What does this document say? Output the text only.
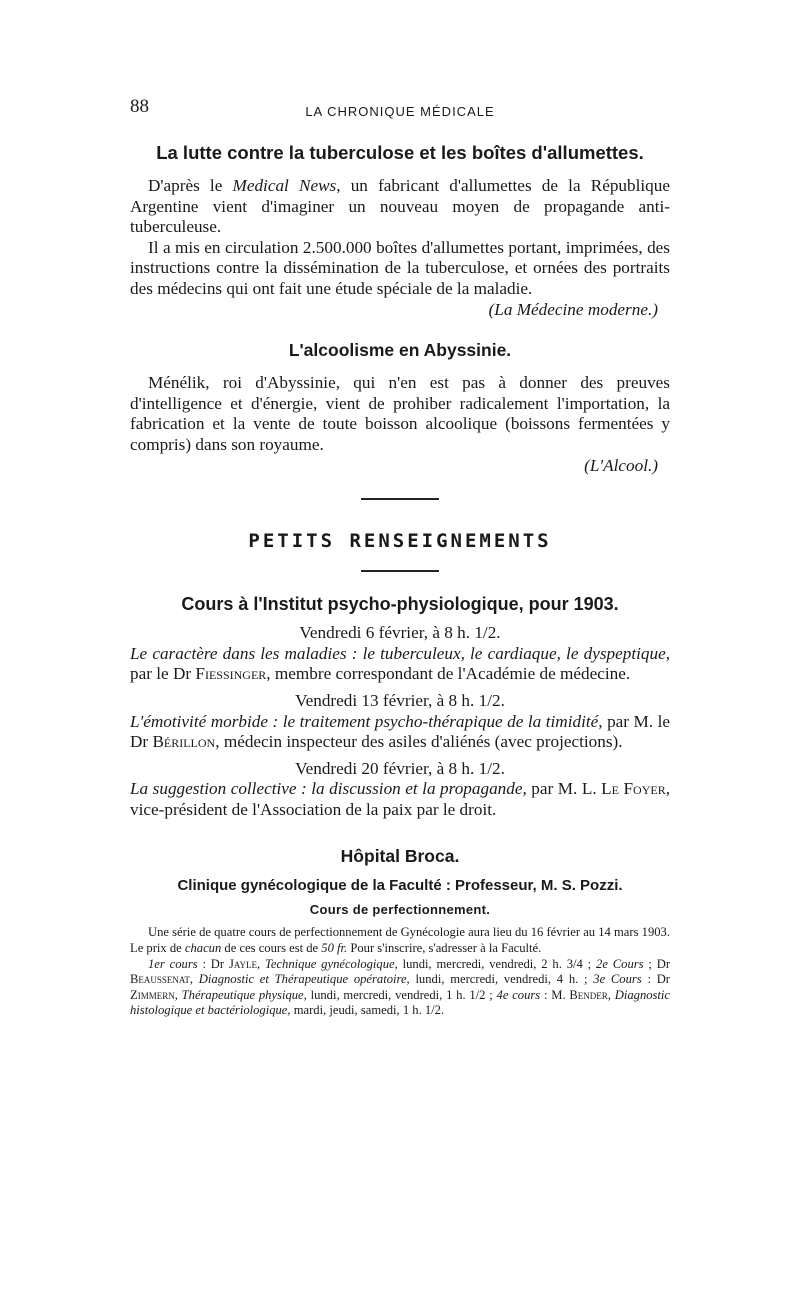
88	LA CHRONIQUE MÉDICALE
La lutte contre la tuberculose et les boîtes d'allumettes.

D'après le Medical News, un fabricant d'allumettes de la République Argentine vient d'imaginer un nouveau moyen de propagande anti-tuberculeuse.

Il a mis en circulation 2.500.000 boîtes d'allumettes portant, imprimées, des instructions contre la dissémination de la tuberculose, et ornées des portraits des médecins qui ont fait une étude spéciale de la maladie.

(La Médecine moderne.)

L'alcoolisme en Abyssinie.

Ménélik, roi d'Abyssinie, qui n'en est pas à donner des preuves d'intelligence et d'énergie, vient de prohiber radicalement l'importation, la fabrication et la vente de toute boisson alcoolique (boissons fermentées y compris) dans son royaume.

(L'Alcool.)

PETITS RENSEIGNEMENTS
Cours à l'Institut psycho-physiologique, pour 1903.
Vendredi 6 février, à 8 h. 1/2.

Le caractère dans les maladies : le tuberculeux, le cardiaque, le dyspeptique, par le Dr Fiessinger, membre correspondant de l'Académie de médecine.

Vendredi 13 février, à 8 h. 1/2.

L'émotivité morbide : le traitement psycho-thérapique de la timidité, par M. le Dr Bérillon, médecin inspecteur des asiles d'aliénés (avec projections).

Vendredi 20 février, à 8 h. 1/2.

La suggestion collective : la discussion et la propagande, par M. L. Le Foyer, vice-président de l'Association de la paix par le droit.

Hôpital Broca.
Clinique gynécologique de la Faculté : Professeur, M. S. Pozzi.
Cours de perfectionnement.

Une série de quatre cours de perfectionnement de Gynécologie aura lieu du 16 février au 14 mars 1903. Le prix de chacun de ces cours est de 50 fr. Pour s'inscrire, s'adresser à la Faculté.

1er cours : Dr Jayle, Technique gynécologique, lundi, mercredi, vendredi, 2 h. 3/4 ; 2e Cours ; Dr Beaussenat, Diagnostic et Thérapeutique opératoire, lundi, mercredi, vendredi, 4 h. ; 3e Cours : Dr Zimmern, Thérapeutique physique, lundi, mercredi, vendredi, 1 h. 1/2 ; 4e cours : M. Bender, Diagnostic histologique et bactériologique, mardi, jeudi, samedi, 1 h. 1/2.
